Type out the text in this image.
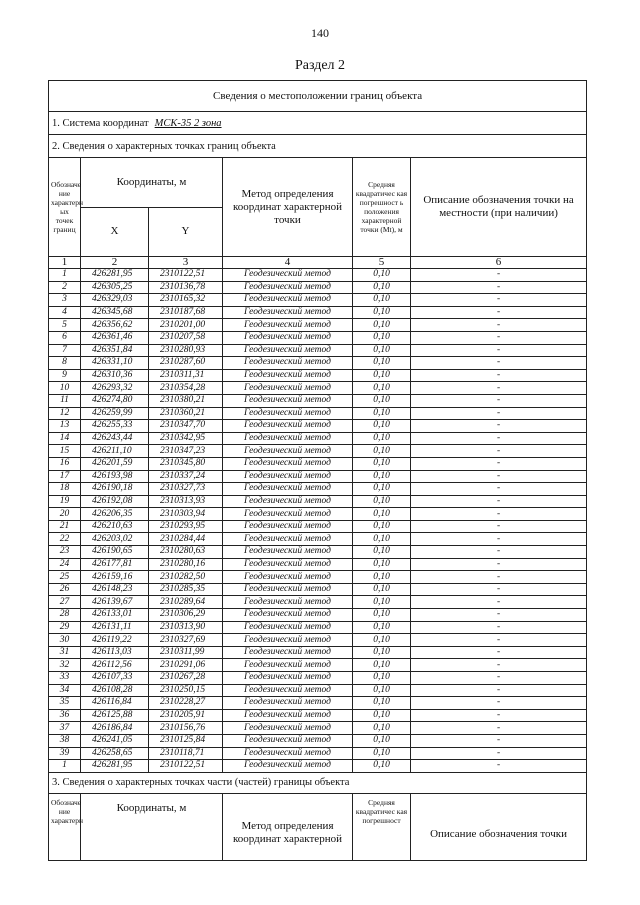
140
Раздел 2
Сведения о местоположении границ объекта					
1. Система координат МСК-35 2 зона					
2. Сведения о характерных точках границ объекта					
Обозначе ние характерн ых точек границ	Координаты, м		Метод определения координат характерной точки	Средняя квадратичес кая погрешност ь положения характерной точки (Mt), м	Описание обозначения точки на местности (при наличии)
	X	Y			
1	2	3	4	5	6
1	426281,95	2310122,51	Геодезический метод	0,10	-
2	426305,25	2310136,78	Геодезический метод	0,10	-
3	426329,03	2310165,32	Геодезический метод	0,10	-
4	426345,68	2310187,68	Геодезический метод	0,10	-
5	426356,62	2310201,00	Геодезический метод	0,10	-
6	426361,46	2310207,58	Геодезический метод	0,10	-
7	426351,84	2310280,93	Геодезический метод	0,10	-
8	426331,10	2310287,60	Геодезический метод	0,10	-
9	426310,36	2310311,31	Геодезический метод	0,10	-
10	426293,32	2310354,28	Геодезический метод	0,10	-
11	426274,80	2310380,21	Геодезический метод	0,10	-
12	426259,99	2310360,21	Геодезический метод	0,10	-
13	426255,33	2310347,70	Геодезический метод	0,10	-
14	426243,44	2310342,95	Геодезический метод	0,10	-
15	426211,10	2310347,23	Геодезический метод	0,10	-
16	426201,59	2310345,80	Геодезический метод	0,10	-
17	426193,98	2310337,24	Геодезический метод	0,10	-
18	426190,18	2310327,73	Геодезический метод	0,10	-
19	426192,08	2310313,93	Геодезический метод	0,10	-
20	426206,35	2310303,94	Геодезический метод	0,10	-
21	426210,63	2310293,95	Геодезический метод	0,10	-
22	426203,02	2310284,44	Геодезический метод	0,10	-
23	426190,65	2310280,63	Геодезический метод	0,10	-
24	426177,81	2310280,16	Геодезический метод	0,10	-
25	426159,16	2310282,50	Геодезический метод	0,10	-
26	426148,23	2310285,35	Геодезический метод	0,10	-
27	426139,67	2310289,64	Геодезический метод	0,10	-
28	426133,01	2310306,29	Геодезический метод	0,10	-
29	426131,11	2310313,90	Геодезический метод	0,10	-
30	426119,22	2310327,69	Геодезический метод	0,10	-
31	426113,03	2310311,99	Геодезический метод	0,10	-
32	426112,56	2310291,06	Геодезический метод	0,10	-
33	426107,33	2310267,28	Геодезический метод	0,10	-
34	426108,28	2310250,15	Геодезический метод	0,10	-
35	426116,84	2310228,27	Геодезический метод	0,10	-
36	426125,88	2310205,91	Геодезический метод	0,10	-
37	426186,84	2310156,76	Геодезический метод	0,10	-
38	426241,05	2310125,84	Геодезический метод	0,10	-
39	426258,65	2310118,71	Геодезический метод	0,10	-
1	426281,95	2310122,51	Геодезический метод	0,10	-
3. Сведения о характерных точках части (частей) границы объекта					

Обозначе ние характерн	Координаты, м		Метод определения координат характерной	Средняя квадратичес кая погрешност	Описание обозначения точки
